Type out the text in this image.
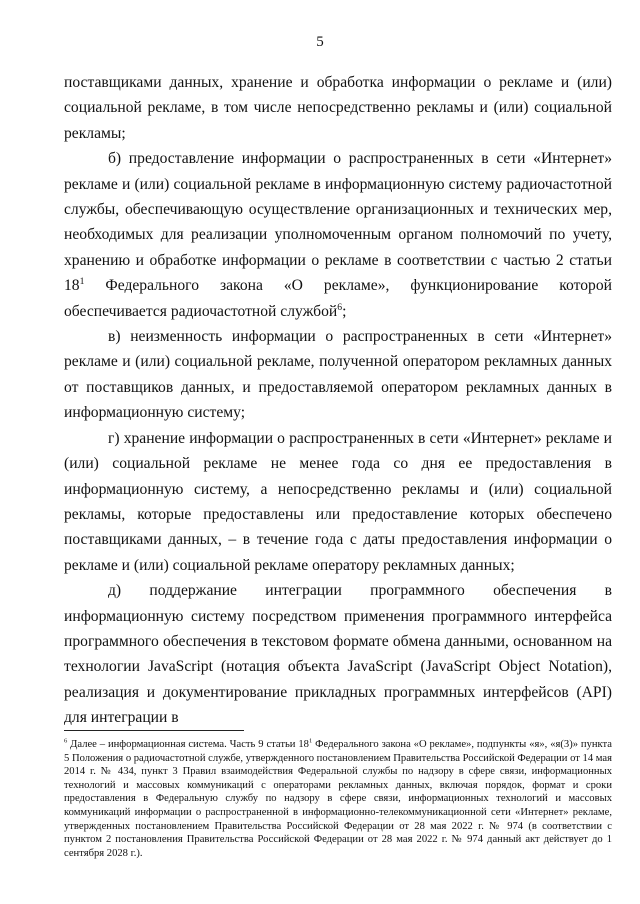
5

поставщиками данных, хранение и обработка информации о рекламе и (или) социальной рекламе, в том числе непосредственно рекламы и (или) социальной рекламы;

б) предоставление информации о распространенных в сети «Интернет» рекламе и (или) социальной рекламе в информационную систему радиочастотной службы, обеспечивающую осуществление организационных и технических мер, необходимых для реализации уполномоченным органом полномочий по учету, хранению и обработке информации о рекламе в соответствии с частью 2 статьи $18^1$ Федерального закона «О рекламе», функционирование которой обеспечивается радиочастотной службой$^6$;

в) неизменность информации о распространенных в сети «Интернет» рекламе и (или) социальной рекламе, полученной оператором рекламных данных от поставщиков данных, и предоставляемой оператором рекламных данных в информационную систему;

г) хранение информации о распространенных в сети «Интернет» рекламе и (или) социальной рекламе не менее года со дня ее предоставления в информационную систему, а непосредственно рекламы и (или) социальной рекламы, которые предоставлены или предоставление которых обеспечено поставщиками данных, – в течение года с даты предоставления информации о рекламе и (или) социальной рекламе оператору рекламных данных;

д) поддержание интеграции программного обеспечения в информационную систему посредством применения программного интерфейса программного обеспечения в текстовом формате обмена данными, основанном на технологии JavaScript (нотация объекта JavaScript (JavaScript Object Notation), реализация и документирование прикладных программных интерфейсов (API) для интеграции в

$^6$ Далее – информационная система. Часть 9 статьи $18^1$ Федерального закона «О рекламе», подпункты «я», «я(3)» пункта 5 Положения о радиочастотной службе, утвержденного постановлением Правительства Российской Федерации от 14 мая 2014 г. № 434, пункт 3 Правил взаимодействия Федеральной службы по надзору в сфере связи, информационных технологий и массовых коммуникаций с операторами рекламных данных, включая порядок, формат и сроки предоставления в Федеральную службу по надзору в сфере связи, информационных технологий и массовых коммуникаций информации о распространенной в информационно-телекоммуникационной сети «Интернет» рекламе, утвержденных постановлением Правительства Российской Федерации от 28 мая 2022 г. № 974 (в соответствии с пунктом 2 постановления Правительства Российской Федерации от 28 мая 2022 г. № 974 данный акт действует до 1 сентября 2028 г.).
